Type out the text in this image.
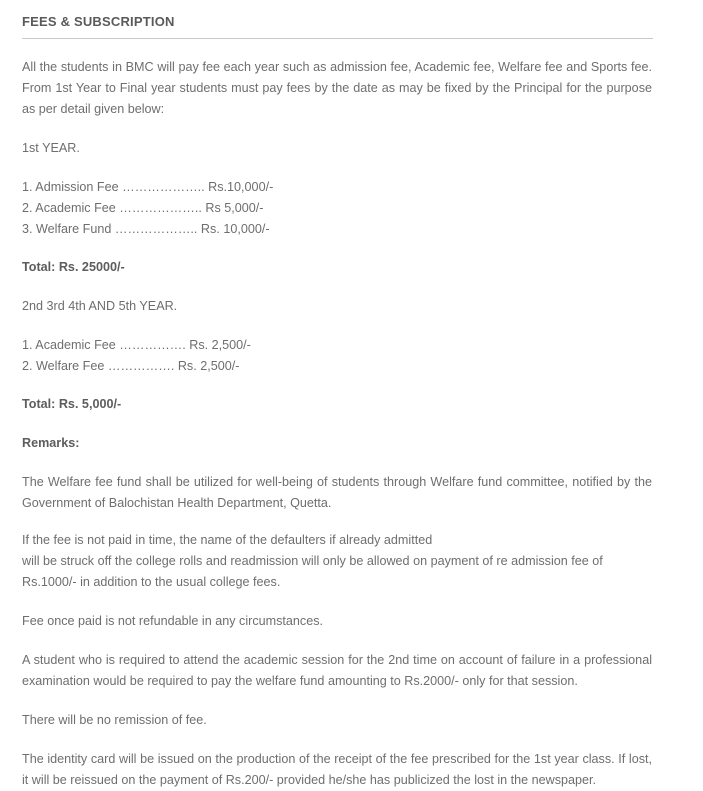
FEES & SUBSCRIPTION

All the students in BMC will pay fee each year such as admission fee, Academic fee, Welfare fee and Sports fee. From 1st Year to Final year students must pay fees by the date as may be fixed by the Principal for the purpose as per detail given below:

1st YEAR.

1. Admission Fee ……………….. Rs.10,000/-
2. Academic Fee ……………….. Rs 5,000/-
3. Welfare Fund ……………….. Rs. 10,000/-

Total: Rs. 25000/-

2nd 3rd 4th AND 5th YEAR.

1. Academic Fee ……………. Rs. 2,500/-
2. Welfare Fee ……………. Rs. 2,500/-

Total: Rs. 5,000/-

Remarks:

The Welfare fee fund shall be utilized for well-being of students through Welfare fund committee, notified by the Government of Balochistan Health Department, Quetta.

If the fee is not paid in time, the name of the defaulters if already admitted

will be struck off the college rolls and readmission will only be allowed on payment of re admission fee of Rs.1000/- in addition to the usual college fees.

Fee once paid is not refundable in any circumstances.

A student who is required to attend the academic session for the 2nd time on account of failure in a professional examination would be required to pay the welfare fund amounting to Rs.2000/- only for that session.

There will be no remission of fee.

The identity card will be issued on the production of the receipt of the fee prescribed for the 1st year class. If lost, it will be reissued on the payment of Rs.200/- provided he/she has publicized the lost in the newspaper.
